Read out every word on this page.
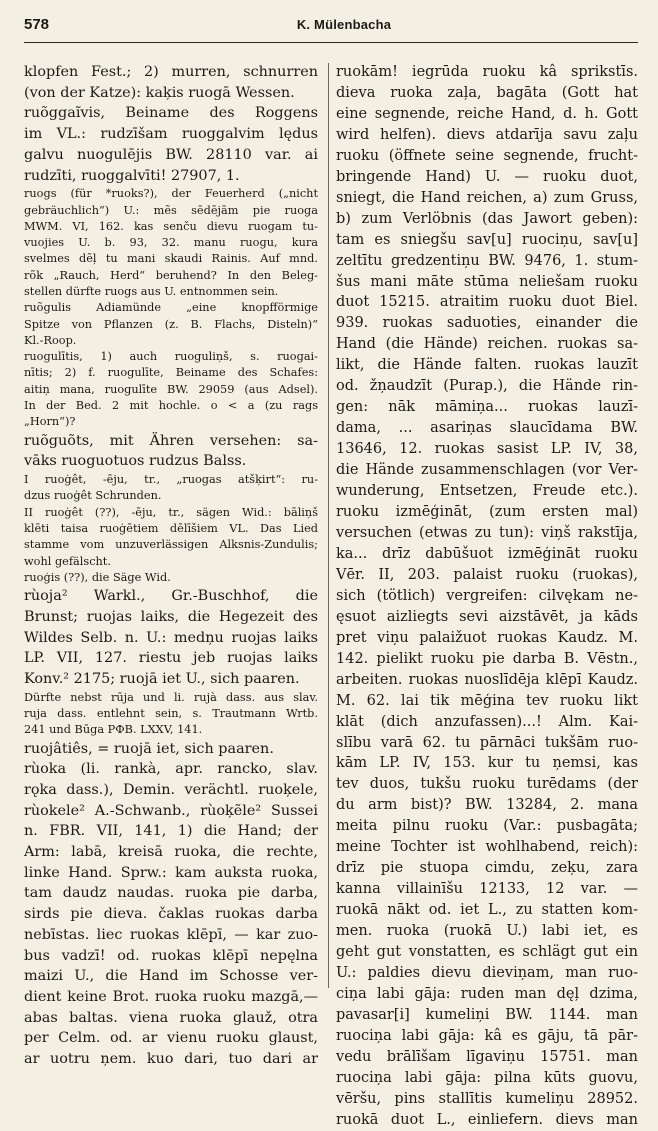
578	K. Mülenbacha
klopfen Fest.; 2) murren, schnurren
(von der Katze): kaķis ruogā Wessen.
ruõggaĩvis, Beiname des Roggens
im VL.: rudzīšam ruoggalvim lędus
galvu nuogulējis BW. 28110 var. ai
rudzīti, ruoggalvīti! 27907, 1.
ruogs (für *ruoks?), der Feuerherd („nicht
gebräuchlich“) U.: mẽs sēdējām pie ruoga
MWM. VI, 162. kas senču dievu ruogam tu-
vuojies U. b. 93, 32. manu ruogu, kura
svelmes dẽļ tu mani skaudi Rainis. Auf mnd.
rõk „Rauch, Herd“ beruhend? In den Beleg-
stellen dürfte ruogs aus U. entnommen sein.
ruõgulis Adiamünde „eine knopfförmige
Spitze von Pflanzen (z. B. Flachs, Disteln)“
Kl.-Roop.
ruogulītis, 1) auch ruoguliņš, s. ruogai-
nītis; 2) f. ruogulīte, Beiname des Schafes:
aitiņ mana, ruogulīte BW. 29059 (aus Adsel).
In der Bed. 2 mit hochle. o < a (zu rags
„Horn“)?
ruõguõts, mit Ähren versehen: sa-
vāks ruoguotuos rudzus Balss.
I ruoġêt, -ēju, tr., „ruogas atšķirt“: ru-
dzus ruoġêt Schrunden.
II ruoġêt (??), -ēju, tr., sägen Wid.: bāliņš
klēti taisa ruoġētiem dēlīšiem VL. Das Lied
stamme vom unzuverlässigen Alksnis-Zundulis;
wohl gefälscht.
ruoģis (??), die Säge Wid.
rùoja² Warkl., Gr.-Buschhof, die
Brunst; ruojas laiks, die Hegezeit des
Wildes Selb. n. U.: medņu ruojas laiks
LP. VII, 127. riestu jeb ruojas laiks
Konv.² 2175; ruojā iet U., sich paaren.
Dürfte nebst rūja und li. rujà dass. aus slav.
ruja dass. entlehnt sein, s. Trautmann Wrtb.
241 und Būga РФВ. LXXV, 141.
ruojâtiês, = ruojā iet, sich paaren.
rùoka (li. rankà, apr. rancko, slav.
rǫka dass.), Demin. verächtl. ruoķele,
rùokele² A.-Schwanb., rùoķẽle² Sussei
n. FBR. VII, 141, 1) die Hand; der
Arm: labā, kreisā ruoka, die rechte,
linke Hand. Sprw.: kam auksta ruoka,
tam daudz naudas. ruoka pie darba,
sirds pie dieva. čaklas ruokas darba
nebīstas. liec ruokas klēpī, — kar zuo-
bus vadzī! od. ruokas klēpī nepęlna
maizi U., die Hand im Schosse ver-
dient keine Brot. ruoka ruoku mazgā,—
abas baltas. viena ruoka glauž, otra
per Celm. od. ar vienu ruoku glaust,
ar uotru ņem. kuo dari, tuo dari ar
ruokām! iegrūda ruoku kâ sprikstīs.
dieva ruoka zaļa, bagāta (Gott hat
eine segnende, reiche Hand, d. h. Gott
wird helfen). dievs atdarīja savu zaļu
ruoku (öffnete seine segnende, frucht-
bringende Hand) U. — ruoku duot,
sniegt, die Hand reichen, a) zum Gruss,
b) zum Verlöbnis (das Jawort geben):
tam es sniegšu sav[u] ruociņu, sav[u]
zeltītu gredzentiņu BW. 9476, 1. stum-
šus mani māte stūma neliešam ruoku
duot 15215. atraitim ruoku duot Biel.
939. ruokas saduoties, einander die
Hand (die Hände) reichen. ruokas sa-
likt, die Hände falten. ruokas lauzīt
od. žņaudzīt (Purap.), die Hände rin-
gen: nāk māmiņa... ruokas lauzī-
dama, ... asariņas slaucīdama BW.
13646, 12. ruokas sasist LP. IV, 38,
die Hände zusammenschlagen (vor Ver-
wunderung, Entsetzen, Freude etc.).
ruoku izmēģināt, (zum ersten mal)
versuchen (etwas zu tun): viņš rakstīja,
ka... drīz dabūšuot izmēģināt ruoku
Vēr. II, 203. palaist ruoku (ruokas),
sich (tötlich) vergreifen: cilvękam ne-
ęsuot aizliegts sevi aizstāvēt, ja kāds
pret viņu palaižuot ruokas Kaudz. M.
142. pielikt ruoku pie darba B. Vēstn.,
arbeiten. ruokas nuoslīdēja klēpī Kaudz.
M. 62. lai tik mēģina tev ruoku likt
klāt (dich anzufassen)...! Alm. Kai-
slību varā 62. tu pārnāci tukšām ruo-
kām LP. IV, 153. kur tu ņemsi, kas
tev duos, tukšu ruoku turēdams (der
du arm bist)? BW. 13284, 2. mana
meita pilnu ruoku (Var.: pusbagāta;
meine Tochter ist wohlhabend, reich):
drīz pie stuopa cimdu, zeķu, zara
kanna villainīšu 12133, 12 var. —
ruokā nākt od. iet L., zu statten kom-
men. ruoka (ruokā U.) labi iet, es
geht gut vonstatten, es schlägt gut ein
U.: paldies dievu dieviņam, man ruo-
ciņa labi gāja: ruden man dęļ dzima,
pavasar[i] kumeliņi BW. 1144. man
ruociņa labi gāja: kâ es gāju, tā pār-
vedu brālīšam līgaviņu 15751. man
ruociņa labi gāja: pilna kūts guovu,
vēršu, pins stallītis kumeliņu 28952.
ruokā duot L., einliefern. dievs man
